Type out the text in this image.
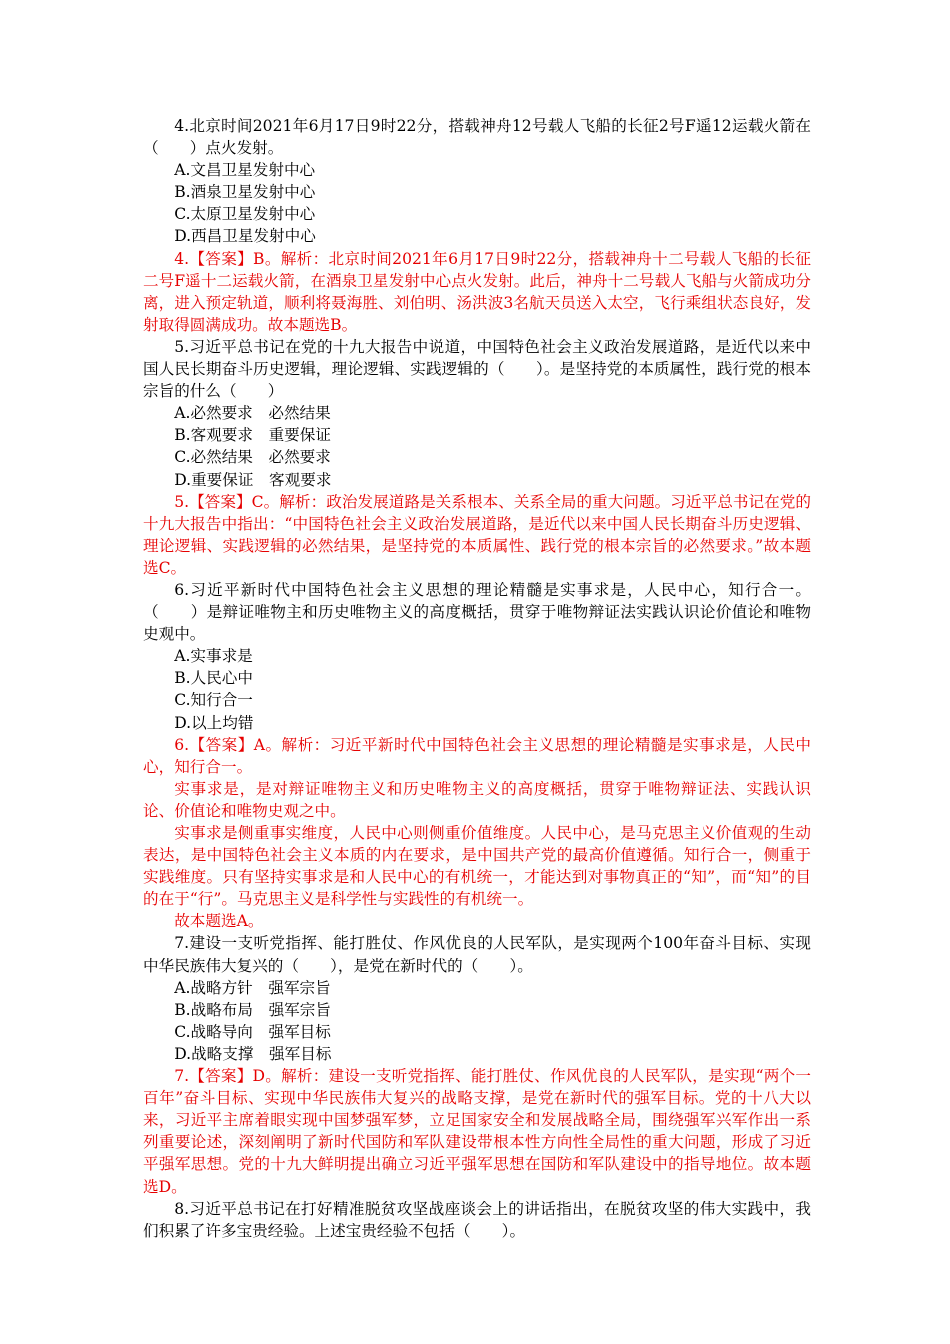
4.北京时间2021年6月17日9时22分，搭载神舟12号载人飞船的长征2号F遥12运载火箭在（　　）点火发射。

A.文昌卫星发射中心

B.酒泉卫星发射中心

C.太原卫星发射中心

D.西昌卫星发射中心

4.【答案】B。解析：北京时间2021年6月17日9时22分，搭载神舟十二号载人飞船的长征二号F遥十二运载火箭，在酒泉卫星发射中心点火发射。此后，神舟十二号载人飞船与火箭成功分离，进入预定轨道，顺利将聂海胜、刘伯明、汤洪波3名航天员送入太空，飞行乘组状态良好，发射取得圆满成功。故本题选B。

5.习近平总书记在党的十九大报告中说道，中国特色社会主义政治发展道路，是近代以来中国人民长期奋斗历史逻辑，理论逻辑、实践逻辑的（　　）。是坚持党的本质属性，践行党的根本宗旨的什么（　　）

A.必然要求　必然结果

B.客观要求　重要保证

C.必然结果　必然要求

D.重要保证　客观要求

5.【答案】C。解析：政治发展道路是关系根本、关系全局的重大问题。习近平总书记在党的十九大报告中指出：“中国特色社会主义政治发展道路，是近代以来中国人民长期奋斗历史逻辑、理论逻辑、实践逻辑的必然结果，是坚持党的本质属性、践行党的根本宗旨的必然要求。”故本题选C。

6.习近平新时代中国特色社会主义思想的理论精髓是实事求是，人民中心，知行合一。（　　）是辩证唯物主和历史唯物主义的高度概括，贯穿于唯物辩证法实践认识论价值论和唯物史观中。

A.实事求是

B.人民心中

C.知行合一

D.以上均错

6.【答案】A。解析：习近平新时代中国特色社会主义思想的理论精髓是实事求是，人民中心，知行合一。

实事求是，是对辩证唯物主义和历史唯物主义的高度概括，贯穿于唯物辩证法、实践认识论、价值论和唯物史观之中。

实事求是侧重事实维度，人民中心则侧重价值维度。人民中心，是马克思主义价值观的生动表达，是中国特色社会主义本质的内在要求，是中国共产党的最高价值遵循。知行合一，侧重于实践维度。只有坚持实事求是和人民中心的有机统一，才能达到对事物真正的“知”，而“知”的目的在于“行”。马克思主义是科学性与实践性的有机统一。

故本题选A。

7.建设一支听党指挥、能打胜仗、作风优良的人民军队，是实现两个100年奋斗目标、实现中华民族伟大复兴的（　　），是党在新时代的（　　）。

A.战略方针　强军宗旨

B.战略布局　强军宗旨

C.战略导向　强军目标

D.战略支撑　强军目标

7.【答案】D。解析：建设一支听党指挥、能打胜仗、作风优良的人民军队，是实现“两个一百年”奋斗目标、实现中华民族伟大复兴的战略支撑，是党在新时代的强军目标。党的十八大以来，习近平主席着眼实现中国梦强军梦，立足国家安全和发展战略全局，围绕强军兴军作出一系列重要论述，深刻阐明了新时代国防和军队建设带根本性方向性全局性的重大问题，形成了习近平强军思想。党的十九大鲜明提出确立习近平强军思想在国防和军队建设中的指导地位。故本题选D。

8.习近平总书记在打好精准脱贫攻坚战座谈会上的讲话指出，在脱贫攻坚的伟大实践中，我们积累了许多宝贵经验。上述宝贵经验不包括（　　）。
